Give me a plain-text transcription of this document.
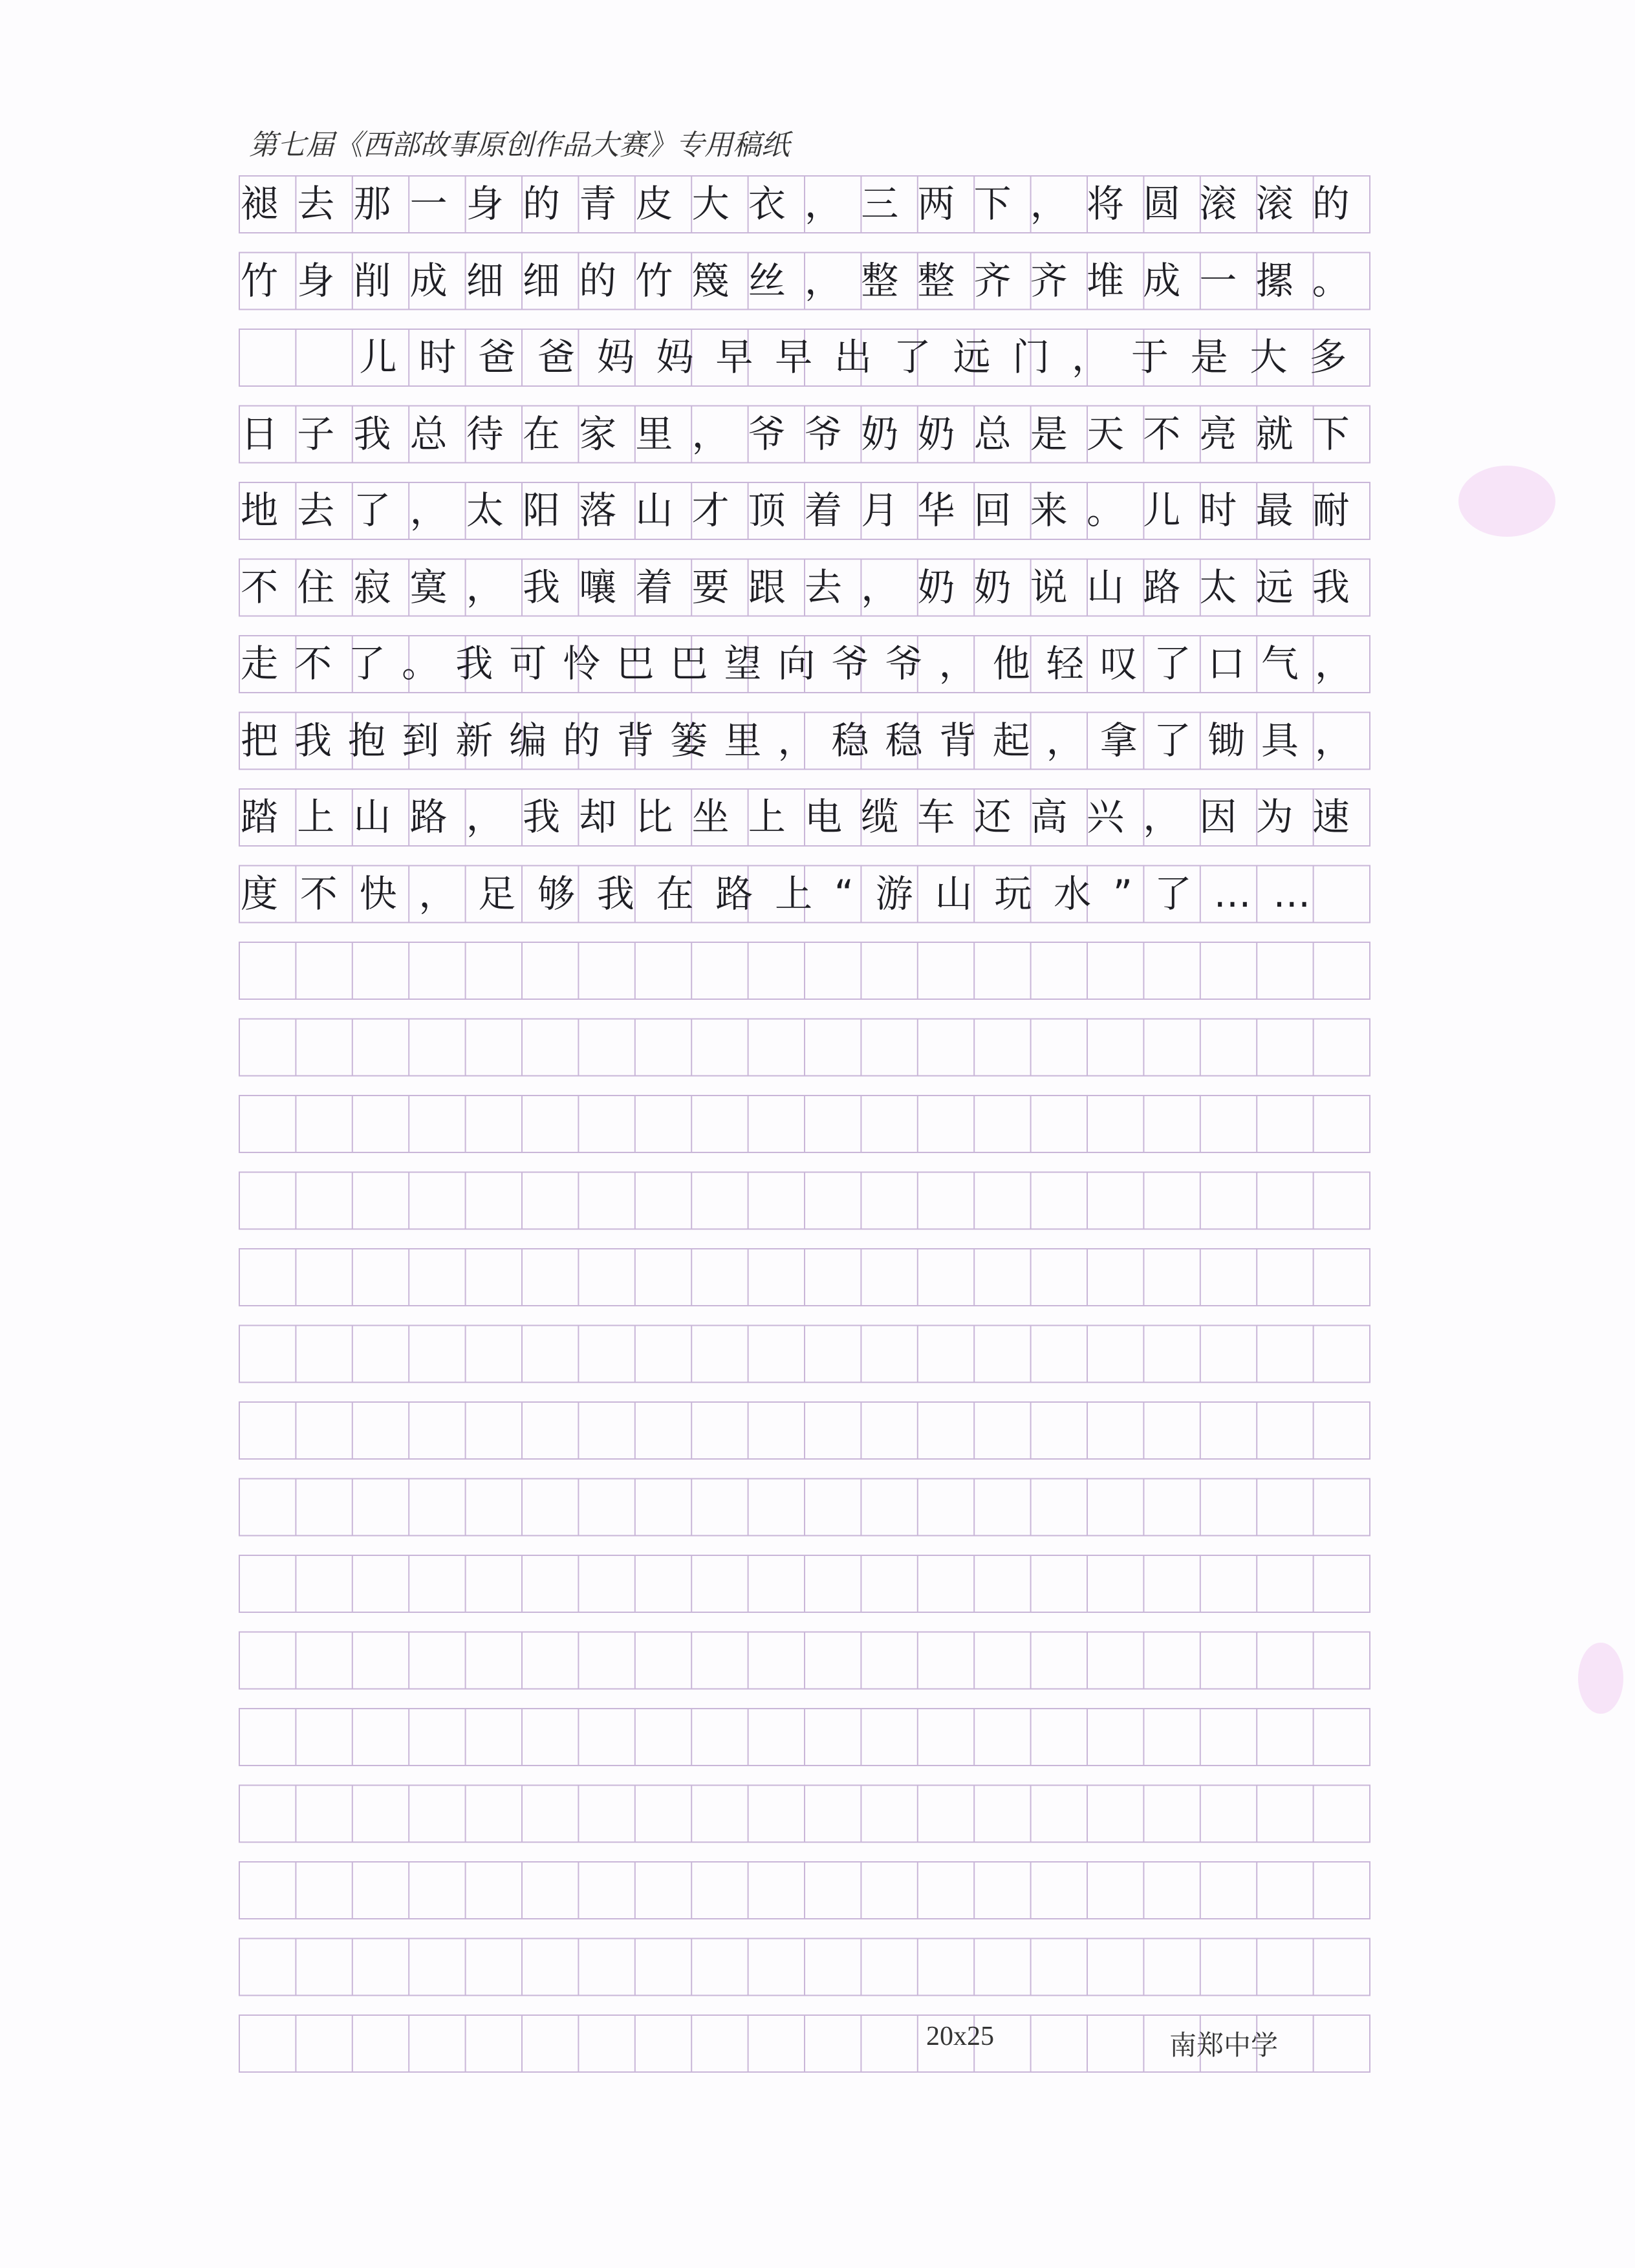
第七届《西部故事原创作品大赛》专用稿纸
褪去那一身的青皮大衣，三两下，将圆滚滚的
竹身削成细细的竹篾丝，整整齐齐堆成一摞。
　　儿时爸爸妈妈早早出了远门，于是大多
日子我总待在家里，爷爷奶奶总是天不亮就下
地去了，太阳落山才顶着月华回来。儿时最耐
不住寂寞，我嚷着要跟去，奶奶说山路太远我
走不了。我可怜巴巴望向爷爷，他轻叹了口气，
把我抱到新编的背篓里，稳稳背起，拿了锄具，
踏上山路，我却比坐上电缆车还高兴，因为速
度不快，足够我在路上“游山玩水”了……
20x25	南郑中学
